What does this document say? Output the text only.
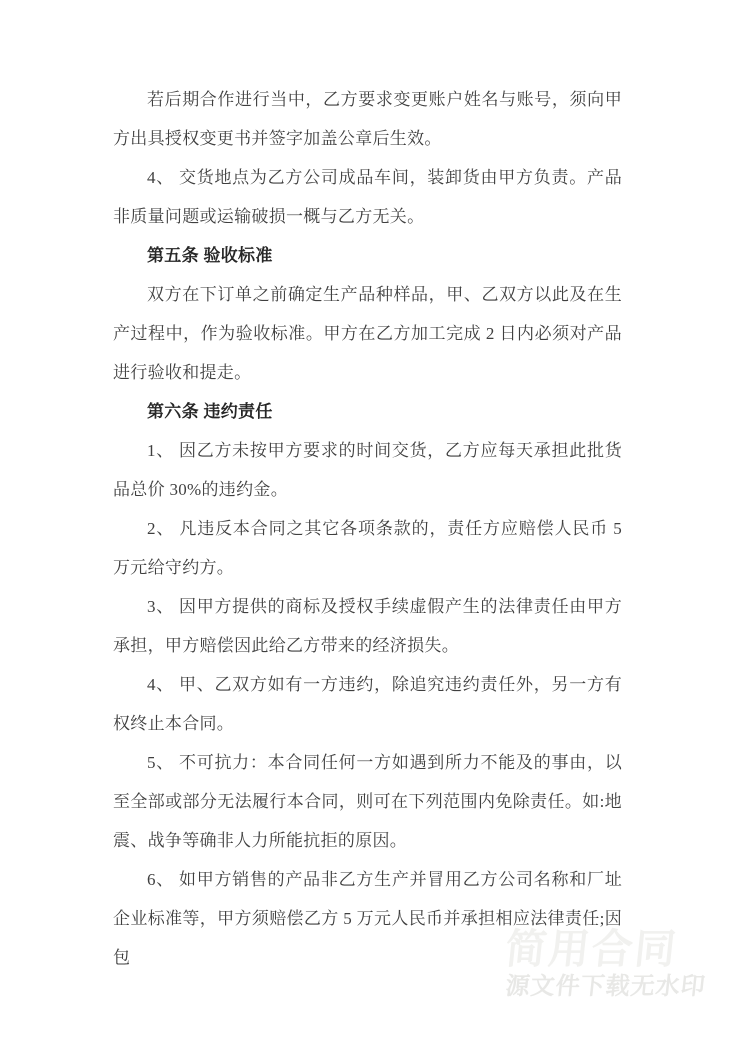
简用合同
源文件下载无水印

若后期合作进行当中，乙方要求变更账户姓名与账号，须向甲方出具授权变更书并签字加盖公章后生效。

4、 交货地点为乙方公司成品车间，装卸货由甲方负责。产品非质量问题或运输破损一概与乙方无关。

第五条 验收标准

双方在下订单之前确定生产品种样品，甲、乙双方以此及在生产过程中，作为验收标准。甲方在乙方加工完成 2 日内必须对产品进行验收和提走。

第六条 违约责任

1、 因乙方未按甲方要求的时间交货，乙方应每天承担此批货品总价 30%的违约金。

2、 凡违反本合同之其它各项条款的，责任方应赔偿人民币 5 万元给守约方。

3、 因甲方提供的商标及授权手续虚假产生的法律责任由甲方承担，甲方赔偿因此给乙方带来的经济损失。

4、 甲、乙双方如有一方违约，除追究违约责任外，另一方有权终止本合同。

5、 不可抗力：本合同任何一方如遇到所力不能及的事由，以至全部或部分无法履行本合同，则可在下列范围内免除责任。如:地震、战争等确非人力所能抗拒的原因。

6、 如甲方销售的产品非乙方生产并冒用乙方公司名称和厂址企业标准等，甲方须赔偿乙方 5 万元人民币并承担相应法律责任;因包
